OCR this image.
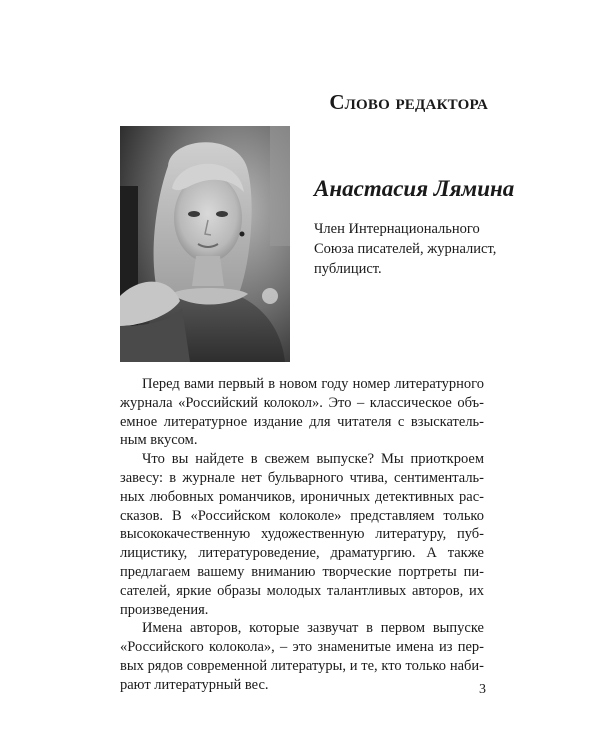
Слово редактора
Анастасия Лямина
Член Интернационального
Союза писателей, журналист,
публицист.
Перед вами первый в новом году номер литературного
журнала «Российский колокол». Это – классическое объ-
емное литературное издание для читателя с взыскатель-
ным вкусом.
Что вы найдете в свежем выпуске? Мы приоткроем
завесу: в журнале нет бульварного чтива, сентименталь-
ных любовных романчиков, ироничных детективных рас-
сказов. В «Российском колоколе» представляем только
высококачественную художественную литературу, пуб-
лицистику, литературоведение, драматургию. А также
предлагаем вашему вниманию творческие портреты пи-
сателей, яркие образы молодых талантливых авторов, их
произведения.
Имена авторов, которые зазвучат в первом выпуске
«Российского колокола», – это знаменитые имена из пер-
вых рядов современной литературы, и те, кто только наби-
рают литературный вес.	3
